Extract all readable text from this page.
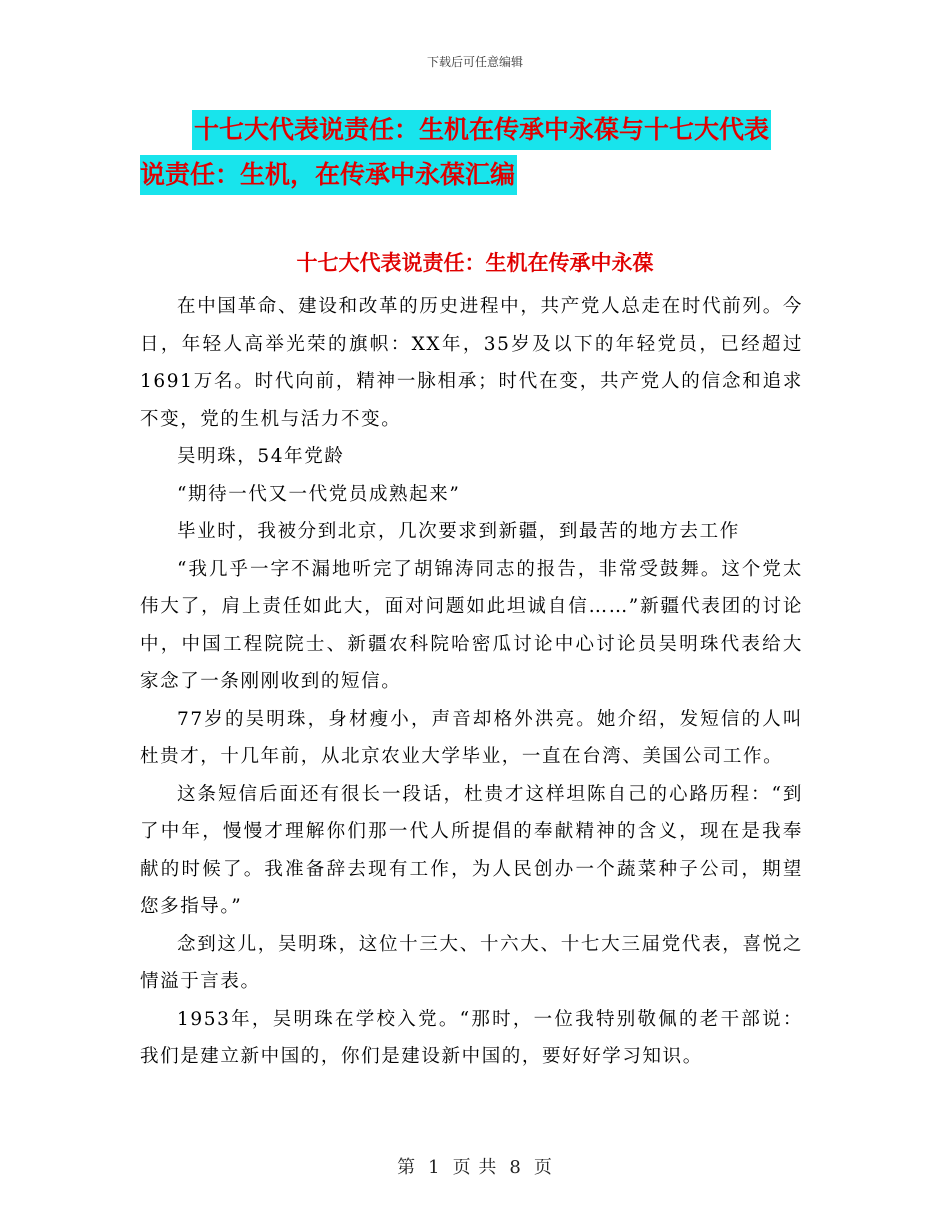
下载后可任意编辑
十七大代表说责任：生机在传承中永葆与十七大代表
说责任：生机，在传承中永葆汇编
十七大代表说责任：生机在传承中永葆

在中国革命、建设和改革的历史进程中，共产党人总走在时代前列。今日，年轻人高举光荣的旗帜：XX年，35岁及以下的年轻党员，已经超过1691万名。时代向前，精神一脉相承；时代在变，共产党人的信念和追求不变，党的生机与活力不变。

吴明珠，54年党龄

“期待一代又一代党员成熟起来”

毕业时，我被分到北京，几次要求到新疆，到最苦的地方去工作

“我几乎一字不漏地听完了胡锦涛同志的报告，非常受鼓舞。这个党太伟大了，肩上责任如此大，面对问题如此坦诚自信……”新疆代表团的讨论中，中国工程院院士、新疆农科院哈密瓜讨论中心讨论员吴明珠代表给大家念了一条刚刚收到的短信。

77岁的吴明珠，身材瘦小，声音却格外洪亮。她介绍，发短信的人叫杜贵才，十几年前，从北京农业大学毕业，一直在台湾、美国公司工作。

这条短信后面还有很长一段话，杜贵才这样坦陈自己的心路历程：“到了中年，慢慢才理解你们那一代人所提倡的奉献精神的含义，现在是我奉献的时候了。我准备辞去现有工作，为人民创办一个蔬菜种子公司，期望您多指导。”

念到这儿，吴明珠，这位十三大、十六大、十七大三届党代表，喜悦之情溢于言表。

1953年，吴明珠在学校入党。“那时，一位我特别敬佩的老干部说：我们是建立新中国的，你们是建设新中国的，要好好学习知识。

第 1 页 共 8 页
